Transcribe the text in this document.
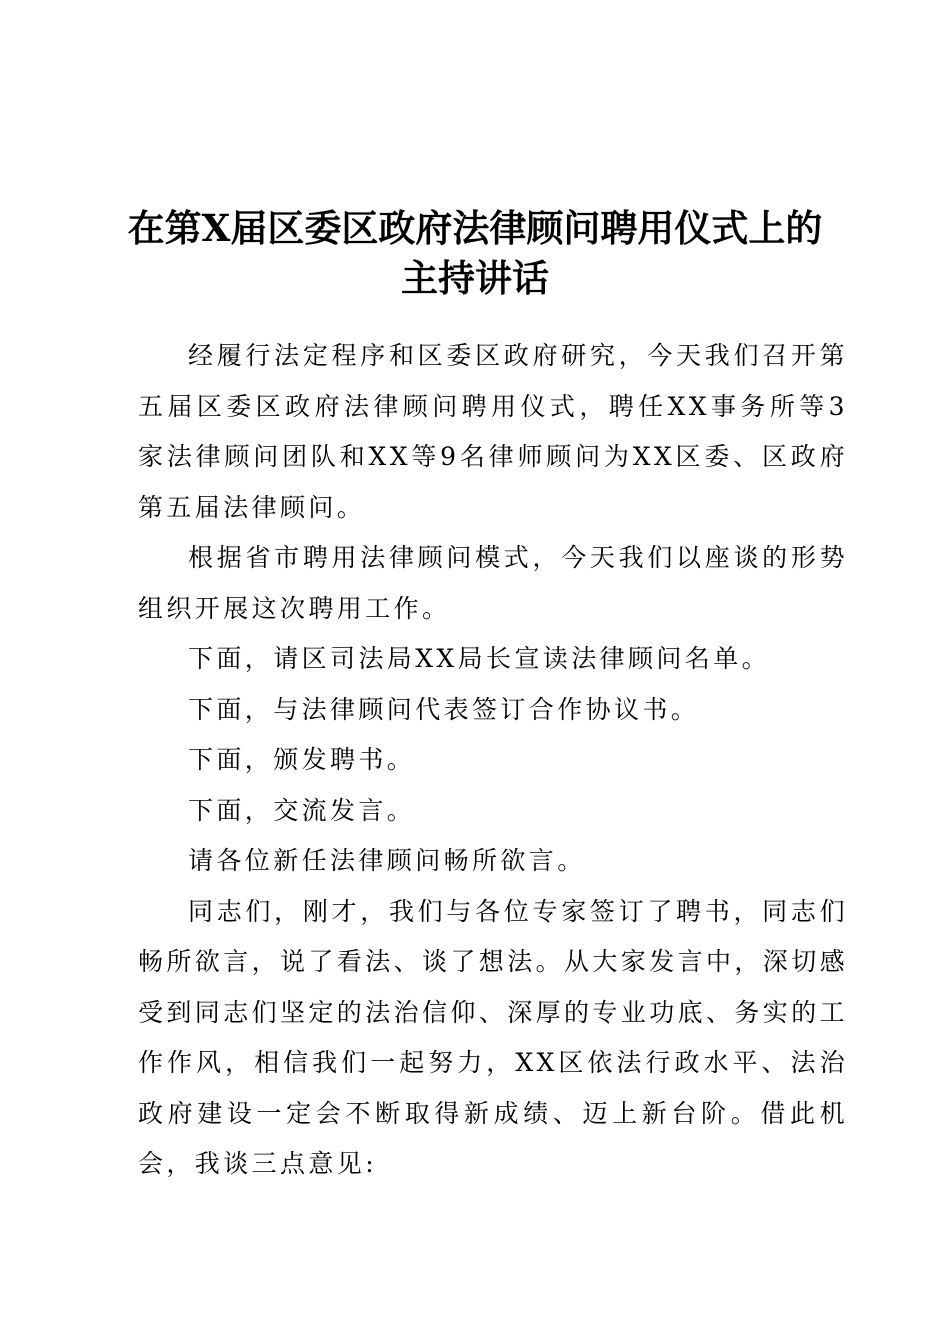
在第X届区委区政府法律顾问聘用仪式上的
主持讲话

经履行法定程序和区委区政府研究，今天我们召开第五届区委区政府法律顾问聘用仪式，聘任XX事务所等3家法律顾问团队和XX等9名律师顾问为XX区委、区政府第五届法律顾问。

根据省市聘用法律顾问模式，今天我们以座谈的形势组织开展这次聘用工作。

下面，请区司法局XX局长宣读法律顾问名单。

下面，与法律顾问代表签订合作协议书。

下面，颁发聘书。

下面，交流发言。

请各位新任法律顾问畅所欲言。

同志们，刚才，我们与各位专家签订了聘书，同志们畅所欲言，说了看法、谈了想法。从大家发言中，深切感受到同志们坚定的法治信仰、深厚的专业功底、务实的工作作风，相信我们一起努力，XX区依法行政水平、法治政府建设一定会不断取得新成绩、迈上新台阶。借此机会，我谈三点意见:
